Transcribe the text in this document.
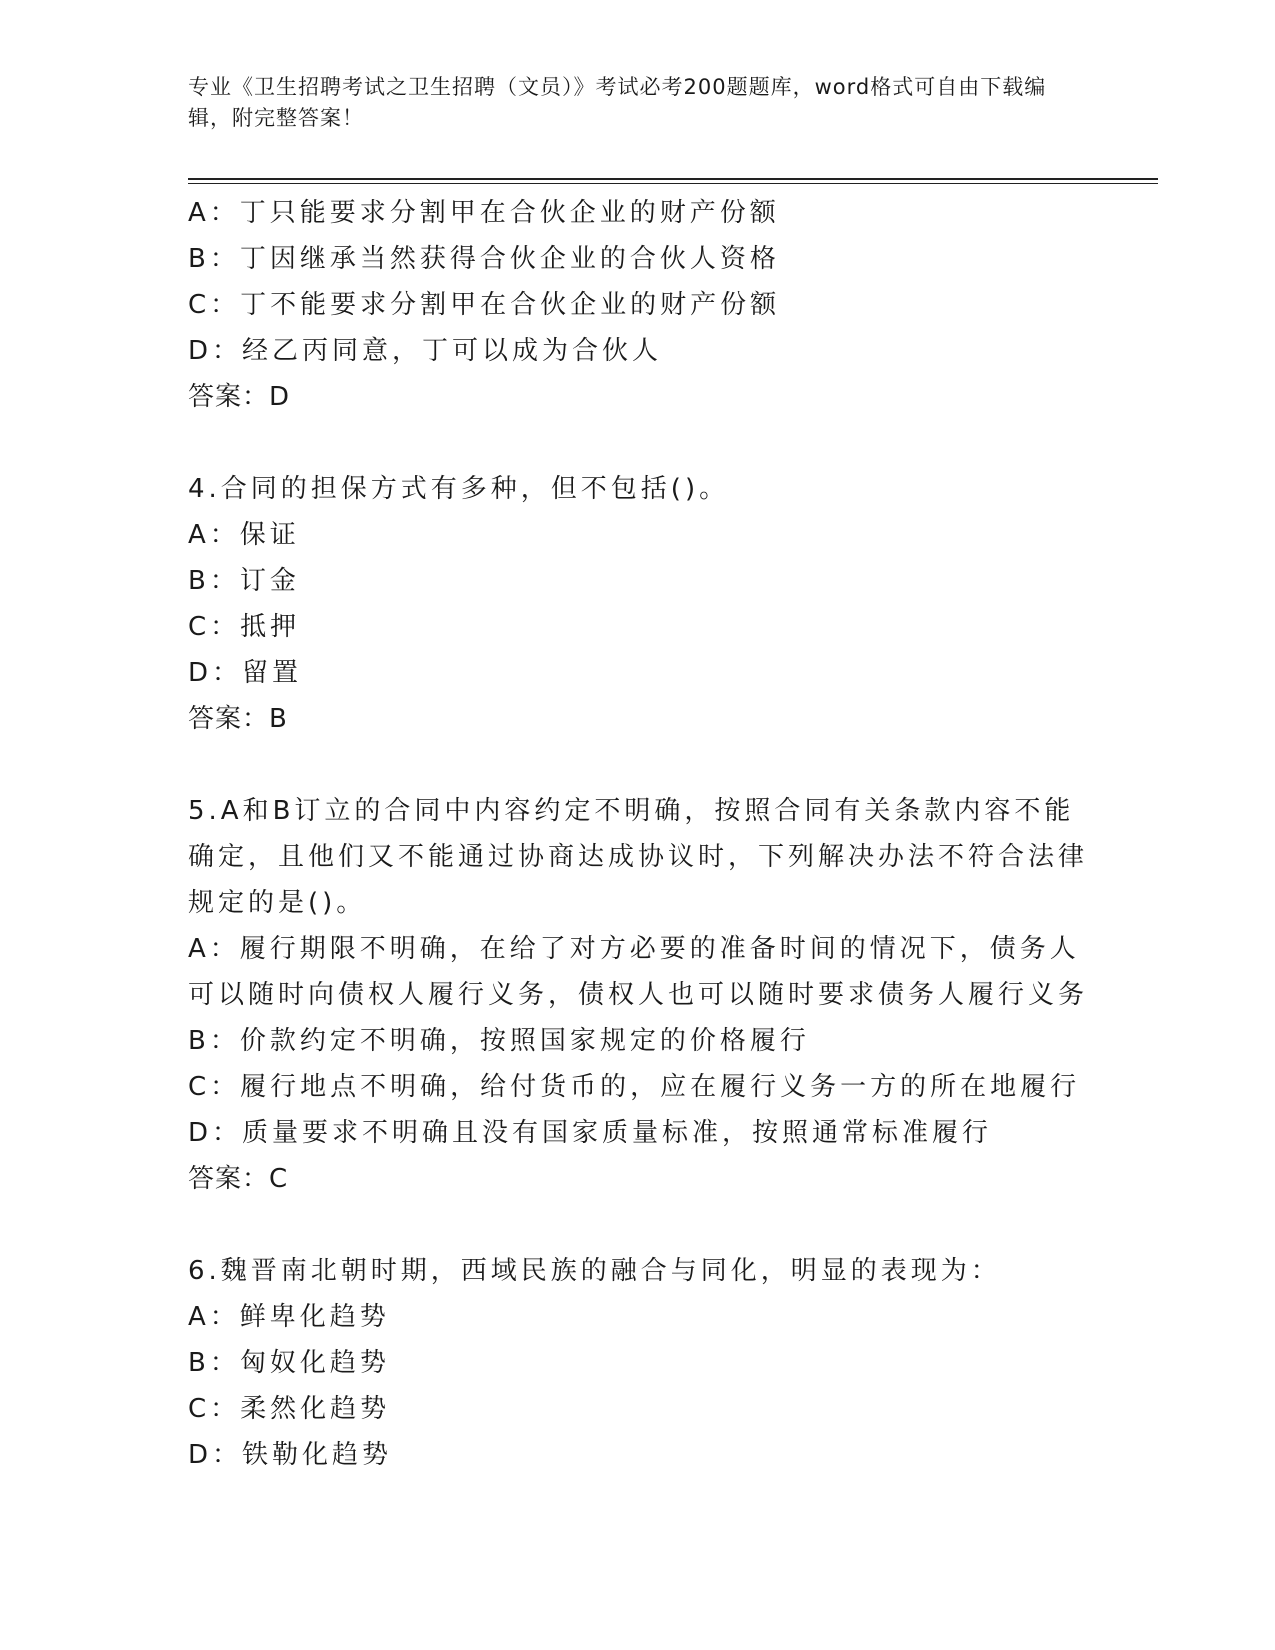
专业《卫生招聘考试之卫生招聘（文员）》考试必考200题题库，word格式可自由下载编辑，附完整答案！
A：丁只能要求分割甲在合伙企业的财产份额
B：丁因继承当然获得合伙企业的合伙人资格
C：丁不能要求分割甲在合伙企业的财产份额
D：经乙丙同意，丁可以成为合伙人
答案：D
4.合同的担保方式有多种，但不包括()。
A：保证
B：订金
C：抵押
D：留置
答案：B
5.A和B订立的合同中内容约定不明确，按照合同有关条款内容不能确定，且他们又不能通过协商达成协议时，下列解决办法不符合法律规定的是()。
A：履行期限不明确，在给了对方必要的准备时间的情况下，债务人可以随时向债权人履行义务，债权人也可以随时要求债务人履行义务
B：价款约定不明确，按照国家规定的价格履行
C：履行地点不明确，给付货币的，应在履行义务一方的所在地履行
D：质量要求不明确且没有国家质量标准，按照通常标准履行
答案：C
6.魏晋南北朝时期，西域民族的融合与同化，明显的表现为：
A：鲜卑化趋势
B：匈奴化趋势
C：柔然化趋势
D：铁勒化趋势
